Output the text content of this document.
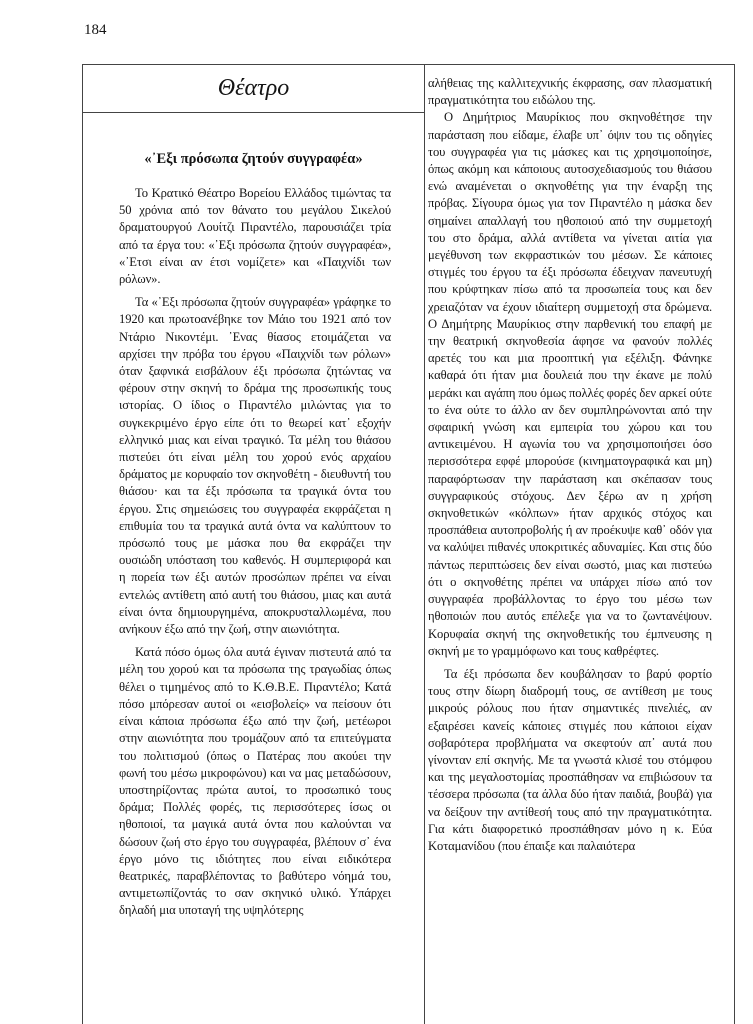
184
Θέατρο
«᾿Εξι πρόσωπα ζητούν συγγραφέα»

Το Κρατικό Θέατρο Βορείου Ελλάδος τιμώντας τα 50 χρόνια από τον θάνατο του μεγάλου Σικελού δραματουργού Λουίτζι Πιραντέλο, παρουσιάζει τρία από τα έργα του: «᾿Εξι πρόσωπα ζητούν συγγραφέα», «᾿Ετσι είναι αν έτσι νομίζετε» και «Παιχνίδι των ρόλων».

Τα «᾿Εξι πρόσωπα ζητούν συγγραφέα» γράφηκε το 1920 και πρωτοανέβηκε τον Μάιο του 1921 από τον Ντάριο Νικοντέμι. ᾿Ενας θίασος ετοιμάζεται να αρχίσει την πρόβα του έργου «Παιχνίδι των ρόλων» όταν ξαφνικά εισβάλουν έξι πρόσωπα ζητώντας να φέρουν στην σκηνή το δράμα της προσωπικής τους ιστορίας. Ο ίδιος ο Πιραντέλο μιλώντας για το συγκεκριμένο έργο είπε ότι το θεωρεί κατ᾿ εξοχήν ελληνικό μιας και είναι τραγικό. Τα μέλη του θιάσου πιστεύει ότι είναι μέλη του χορού ενός αρχαίου δράματος με κορυφαίο τον σκηνοθέτη - διευθυντή του θιάσου· και τα έξι πρόσωπα τα τραγικά όντα του έργου. Στις σημειώσεις του συγγραφέα εκφράζεται η επιθυμία του τα τραγικά αυτά όντα να καλύπτουν το πρόσωπό τους με μάσκα που θα εκφράζει την ουσιώδη υπόσταση του καθενός. Η συμπεριφορά και η πορεία των έξι αυτών προσώπων πρέπει να είναι εντελώς αντίθετη από αυτή του θιάσου, μιας και αυτά είναι όντα δημιουργημένα, αποκρυσταλλωμένα, που ανήκουν έξω από την ζωή, στην αιωνιότητα.

Κατά πόσο όμως όλα αυτά έγιναν πιστευτά από τα μέλη του χορού και τα πρόσωπα της τραγωδίας όπως θέλει ο τιμημένος από το Κ.Θ.Β.Ε. Πιραντέλο; Κατά πόσο μπόρεσαν αυτοί οι «εισβολείς» να πείσουν ότι είναι κάποια πρόσωπα έξω από την ζωή, μετέωροι στην αιωνιότητα που τρομάζουν από τα επιτεύγματα του πολιτισμού (όπως ο Πατέρας που ακούει την φωνή του μέσω μικροφώνου) και να μας μεταδώσουν, υποστηρίζοντας πρώτα αυτοί, το προσωπικό τους δράμα; Πολλές φορές, τις περισσότερες ίσως οι ηθοποιοί, τα μαγικά αυτά όντα που καλούνται να δώσουν ζωή στο έργο του συγγραφέα, βλέπουν σ᾿ ένα έργο μόνο τις ιδιότητες που είναι ειδικότερα θεατρικές, παραβλέποντας το βαθύτερο νόημά του, αντιμετωπίζοντάς το σαν σκηνικό υλικό. Υπάρχει δηλαδή μια υποταγή της υψηλότερης

αλήθειας της καλλιτεχνικής έκφρασης, σαν πλασματική πραγματικότητα του ειδώλου της.

Ο Δημήτριος Μαυρίκιος που σκηνοθέτησε την παράσταση που είδαμε, έλαβε υπ᾿ όψιν του τις οδηγίες του συγγραφέα για τις μάσκες και τις χρησιμοποίησε, όπως ακόμη και κάποιους αυτοσχεδιασμούς του θιάσου ενώ αναμένεται ο σκηνοθέτης για την έναρξη της πρόβας. Σίγουρα όμως για τον Πιραντέλο η μάσκα δεν σημαίνει απαλλαγή του ηθοποιού από την συμμετοχή του στο δράμα, αλλά αντίθετα να γίνεται αιτία για μεγέθυνση των εκφραστικών του μέσων. Σε κάποιες στιγμές του έργου τα έξι πρόσωπα έδειχναν πανευτυχή που κρύφτηκαν πίσω από τα προσωπεία τους και δεν χρειαζόταν να έχουν ιδιαίτερη συμμετοχή στα δρώμενα. Ο Δημήτρης Μαυρίκιος στην παρθενική του επαφή με την θεατρική σκηνοθεσία άφησε να φανούν πολλές αρετές του και μια προοπτική για εξέλιξη. Φάνηκε καθαρά ότι ήταν μια δουλειά που την έκανε με πολύ μεράκι και αγάπη που όμως πολλές φορές δεν αρκεί ούτε το ένα ούτε το άλλο αν δεν συμπληρώνονται από την σφαιρική γνώση και εμπειρία του χώρου και του αντικειμένου. Η αγωνία του να χρησιμοποιήσει όσο περισσότερα εφφέ μπορούσε (κινηματογραφικά και μη) παραφόρτωσαν την παράσταση και σκέπασαν τους συγγραφικούς στόχους. Δεν ξέρω αν η χρήση σκηνοθετικών «κόλπων» ήταν αρχικός στόχος και προσπάθεια αυτοπροβολής ή αν προέκυψε καθ᾿ οδόν για να καλύψει πιθανές υποκριτικές αδυναμίες. Και στις δύο πάντως περιπτώσεις δεν είναι σωστό, μιας και πιστεύω ότι ο σκηνοθέτης πρέπει να υπάρχει πίσω από τον συγγραφέα προβάλλοντας το έργο του μέσω των ηθοποιών που αυτός επέλεξε για να το ζωντανέψουν. Κορυφαία σκηνή της σκηνοθετικής του έμπνευσης η σκηνή με το γραμμόφωνο και τους καθρέφτες.

Τα έξι πρόσωπα δεν κουβάλησαν το βαρύ φορτίο τους στην δίωρη διαδρομή τους, σε αντίθεση με τους μικρούς ρόλους που ήταν σημαντικές πινελιές, αν εξαιρέσει κανείς κάποιες στιγμές που κάποιοι είχαν σοβαρότερα προβλήματα να σκεφτούν απ᾿ αυτά που γίνονταν επί σκηνής. Με τα γνωστά κλισέ του στόμφου και της μεγαλοστομίας προσπάθησαν να επιβιώσουν τα τέσσερα πρόσωπα (τα άλλα δύο ήταν παιδιά, βουβά) για να δείξουν την αντίθεσή τους από την πραγματικότητα. Για κάτι διαφορετικό προσπάθησαν μόνο η κ. Εύα Κοταμανίδου (που έπαιξε και παλαιότερα
